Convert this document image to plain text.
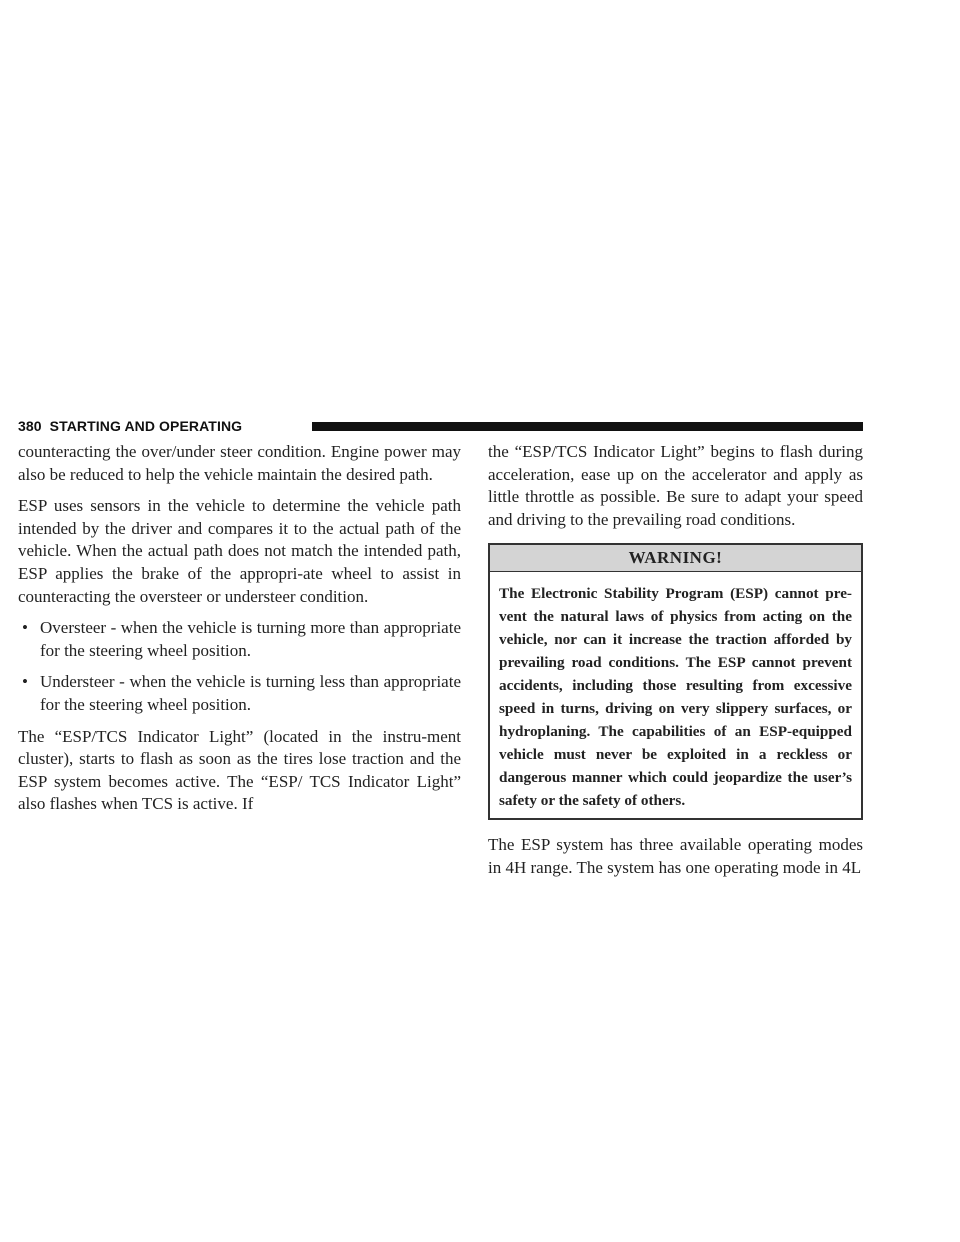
380 STARTING AND OPERATING

counteracting the over/under steer condition. Engine power may also be reduced to help the vehicle maintain the desired path.

ESP uses sensors in the vehicle to determine the vehicle path intended by the driver and compares it to the actual path of the vehicle. When the actual path does not match the intended path, ESP applies the brake of the appropri-ate wheel to assist in counteracting the oversteer or understeer condition.

• Oversteer - when the vehicle is turning more than appropriate for the steering wheel position.
• Understeer - when the vehicle is turning less than appropriate for the steering wheel position.

The “ESP/TCS Indicator Light” (located in the instru-ment cluster), starts to flash as soon as the tires lose traction and the ESP system becomes active. The “ESP/ TCS Indicator Light” also flashes when TCS is active. If

the “ESP/TCS Indicator Light” begins to flash during acceleration, ease up on the accelerator and apply as little throttle as possible. Be sure to adapt your speed and driving to the prevailing road conditions.

WARNING!
The Electronic Stability Program (ESP) cannot pre-vent the natural laws of physics from acting on the vehicle, nor can it increase the traction afforded by prevailing road conditions. The ESP cannot prevent accidents, including those resulting from excessive speed in turns, driving on very slippery surfaces, or hydroplaning. The capabilities of an ESP-equipped vehicle must never be exploited in a reckless or dangerous manner which could jeopardize the user’s safety or the safety of others.

The ESP system has three available operating modes in 4H range. The system has one operating mode in 4L
